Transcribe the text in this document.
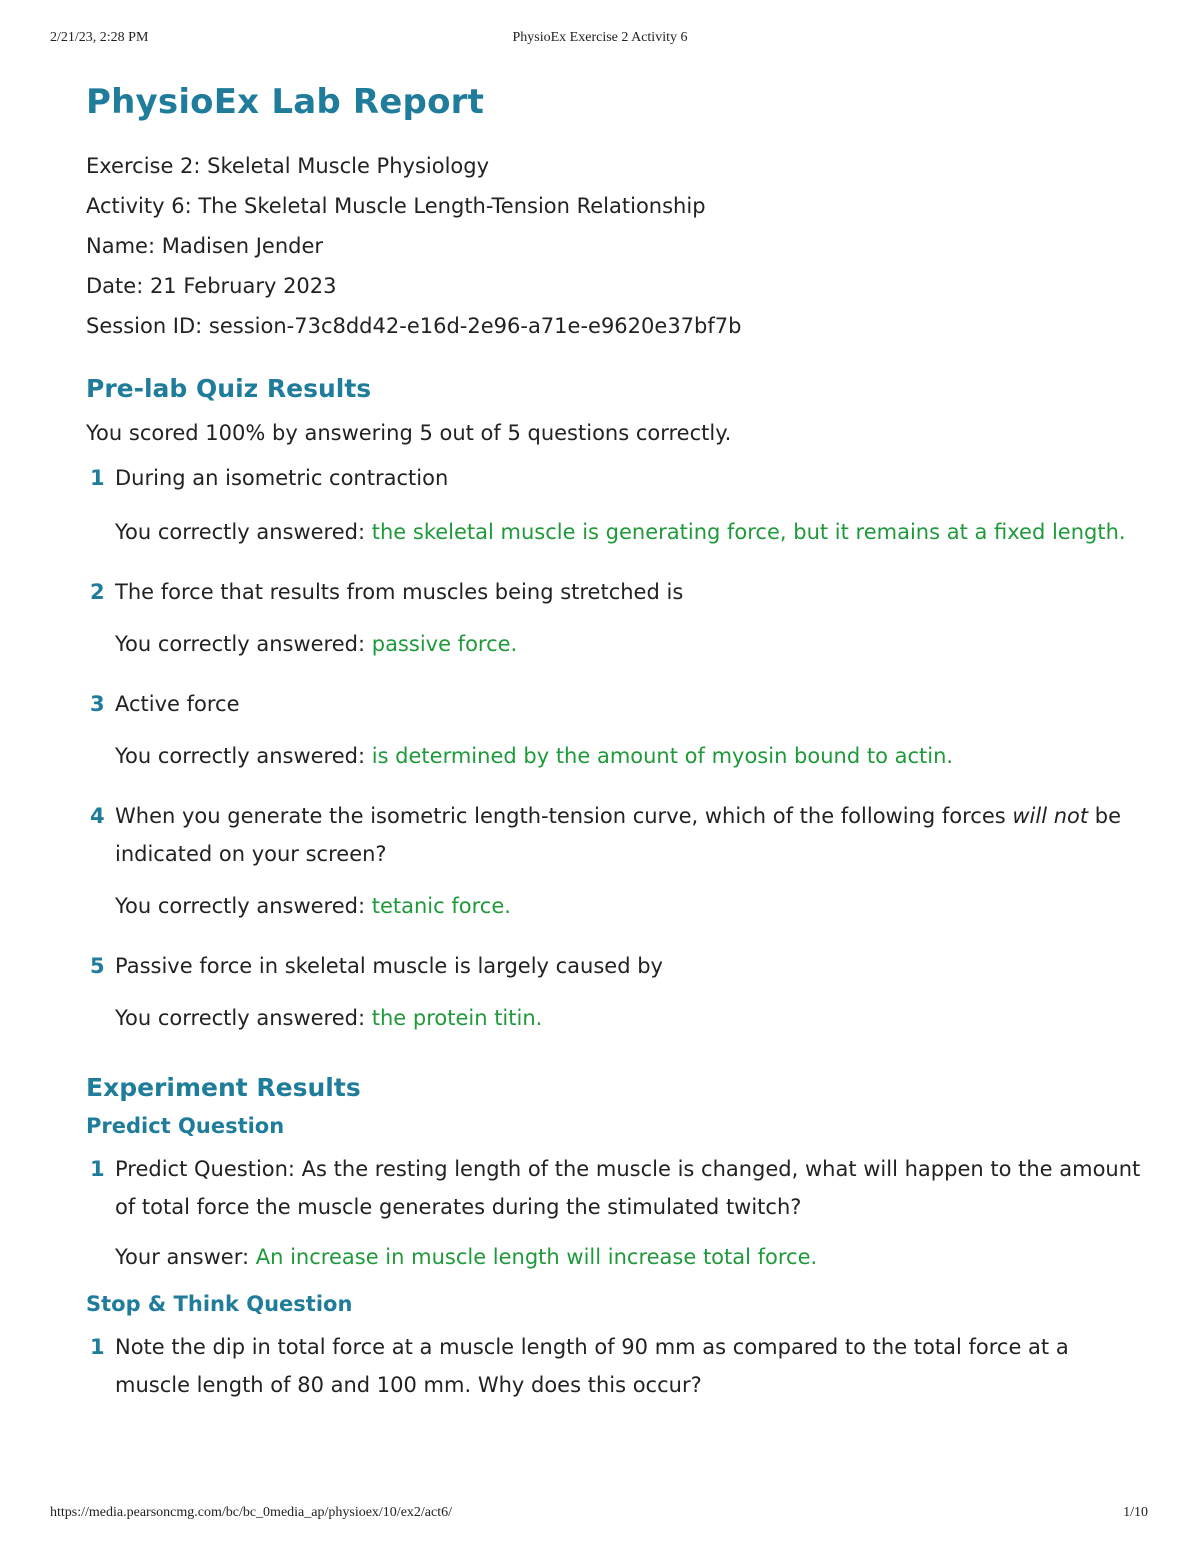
2/21/23, 2:28 PM	PhysioEx Exercise 2 Activity 6
PhysioEx Lab Report
Exercise 2: Skeletal Muscle Physiology
Activity 6: The Skeletal Muscle Length-Tension Relationship
Name: Madisen Jender
Date: 21 February 2023
Session ID: session-73c8dd42-e16d-2e96-a71e-e9620e37bf7b
Pre-lab Quiz Results
You scored 100% by answering 5 out of 5 questions correctly.
1 During an isometric contraction
You correctly answered: the skeletal muscle is generating force, but it remains at a fixed length.
2 The force that results from muscles being stretched is
You correctly answered: passive force.
3 Active force
You correctly answered: is determined by the amount of myosin bound to actin.
4 When you generate the isometric length-tension curve, which of the following forces will not be indicated on your screen?
You correctly answered: tetanic force.
5 Passive force in skeletal muscle is largely caused by
You correctly answered: the protein titin.
Experiment Results
Predict Question
1 Predict Question: As the resting length of the muscle is changed, what will happen to the amount of total force the muscle generates during the stimulated twitch?
Your answer: An increase in muscle length will increase total force.
Stop & Think Question
1 Note the dip in total force at a muscle length of 90 mm as compared to the total force at a muscle length of 80 and 100 mm. Why does this occur?
https://media.pearsoncmg.com/bc/bc_0media_ap/physioex/10/ex2/act6/	1/10
